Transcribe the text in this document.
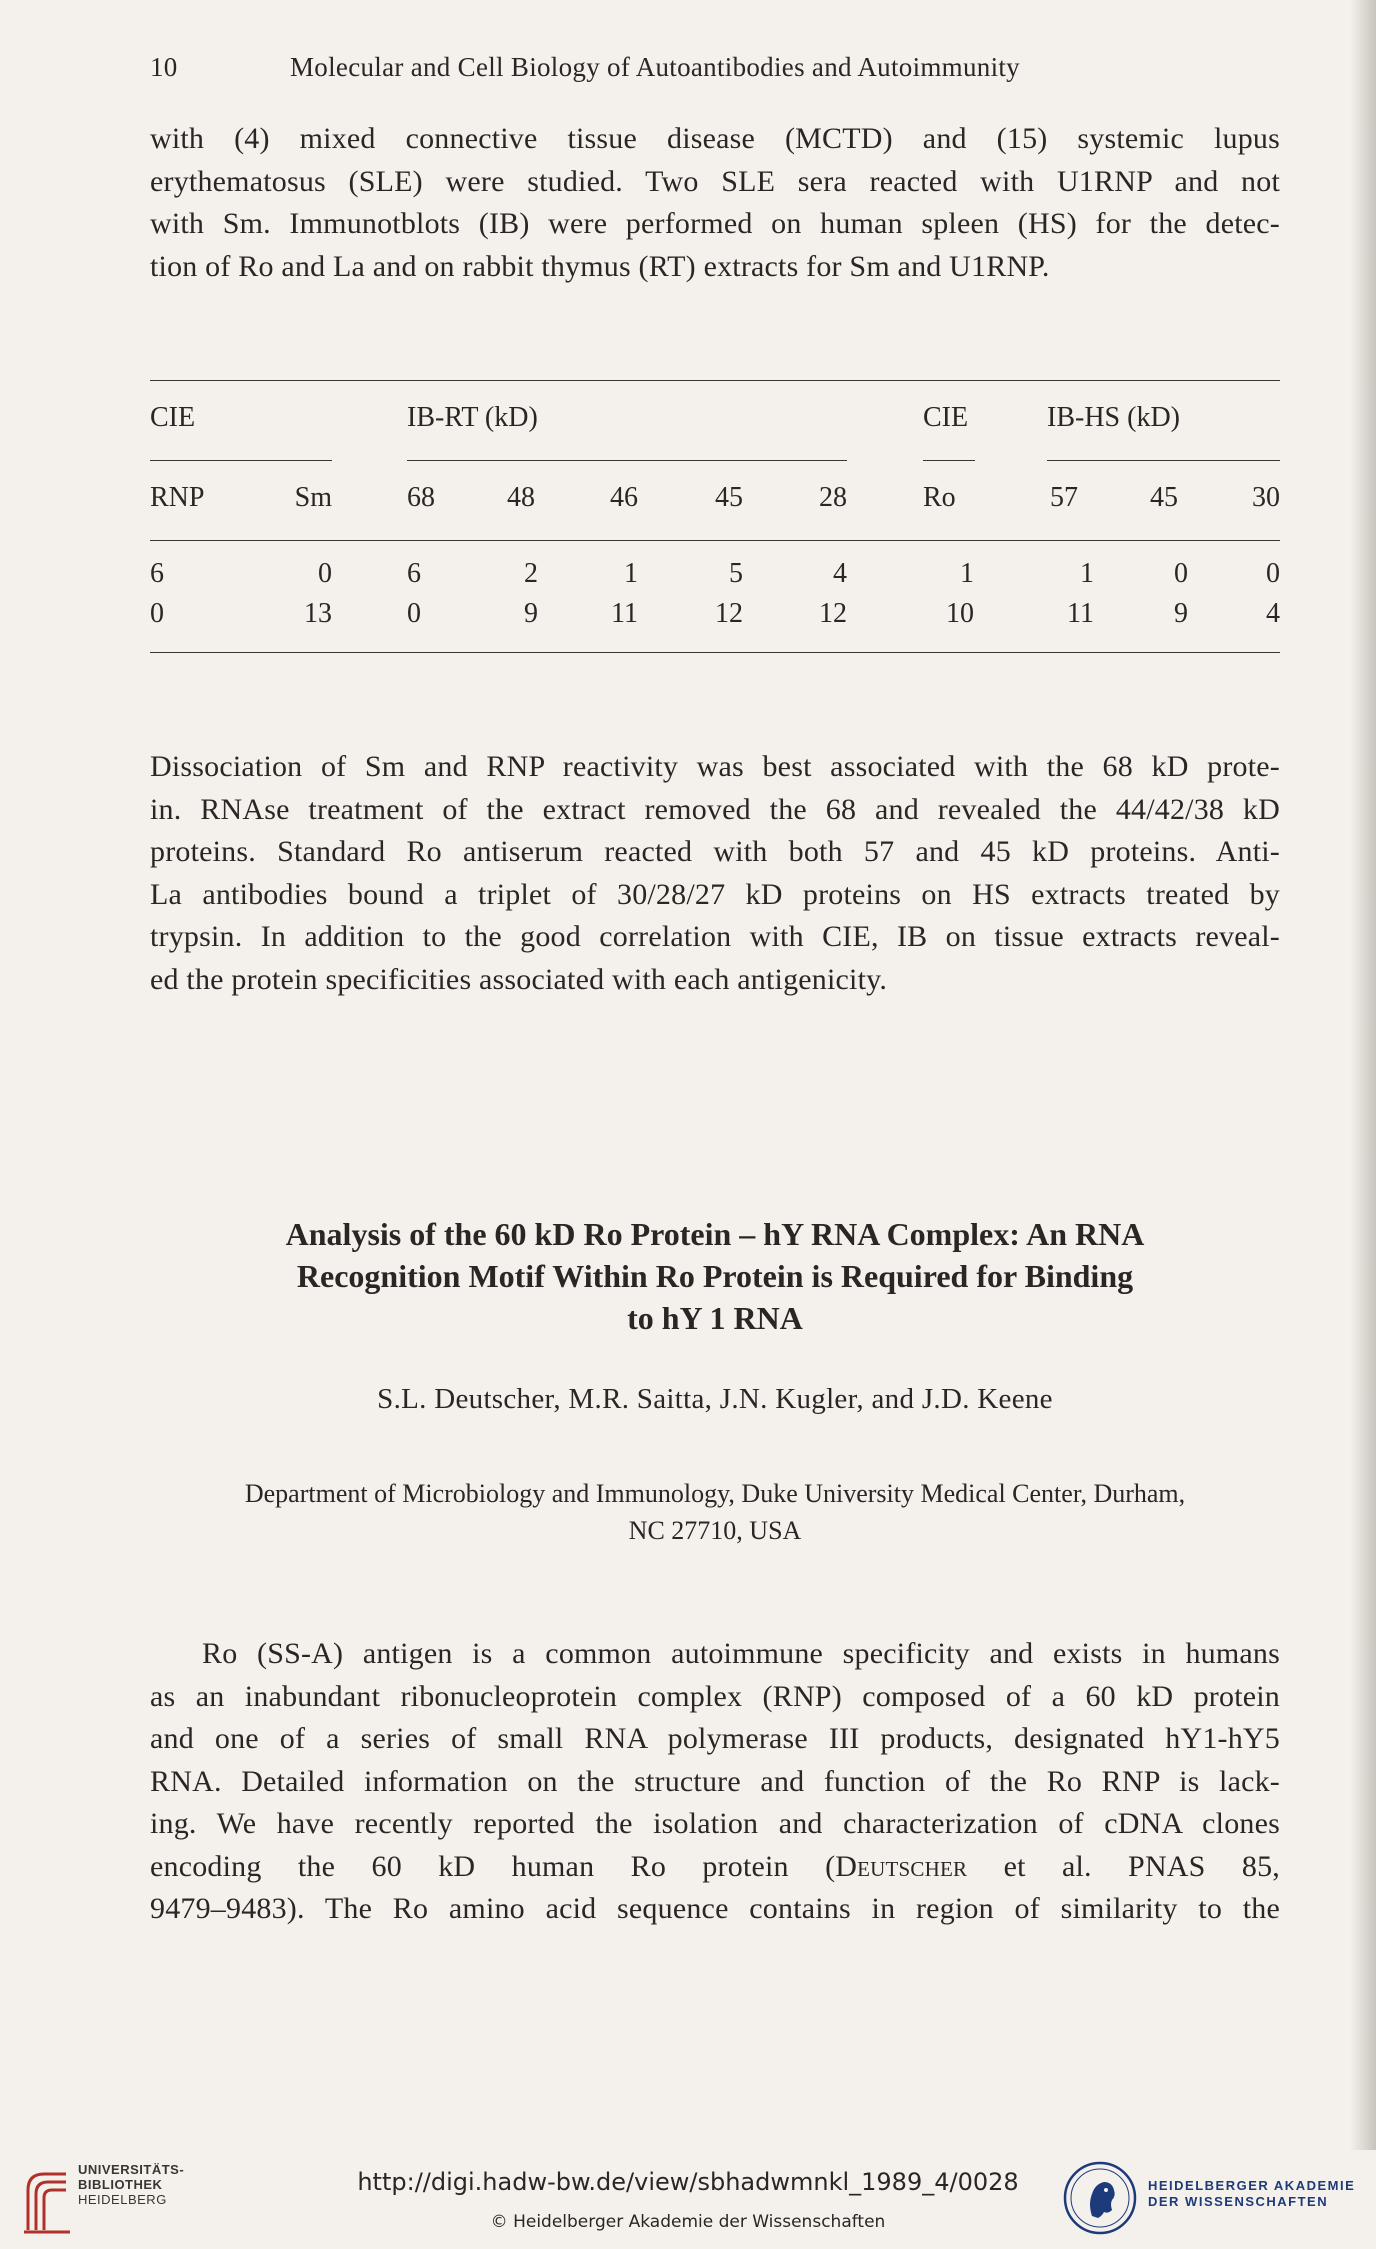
10	Molecular and Cell Biology of Autoantibodies and Autoimmunity
with (4) mixed connective tissue disease (MCTD) and (15) systemic lupus
erythematosus (SLE) were studied. Two SLE sera reacted with U1RNP and not
with Sm. Immunotblots (IB) were performed on human spleen (HS) for the detec-
tion of Ro and La and on rabbit thymus (RT) extracts for Sm and U1RNP.
CIE	IB-RT (kD)	CIE	IB-HS (kD)
RNP	Sm	68	48	46	45	28	Ro	57	45	30
6	0	6	2	1	5	4	1	1	0	0
0	13	0	9	11	12	12	10	11	9	4
Dissociation of Sm and RNP reactivity was best associated with the 68 kD prote-
in. RNAse treatment of the extract removed the 68 and revealed the 44/42/38 kD
proteins. Standard Ro antiserum reacted with both 57 and 45 kD proteins. Anti-
La antibodies bound a triplet of 30/28/27 kD proteins on HS extracts treated by
trypsin. In addition to the good correlation with CIE, IB on tissue extracts reveal-
ed the protein specificities associated with each antigenicity.
Analysis of the 60 kD Ro Protein – hY RNA Complex: An RNA
Recognition Motif Within Ro Protein is Required for Binding
to hY 1 RNA
S.L. Deutscher, M.R. Saitta, J.N. Kugler, and J.D. Keene
Department of Microbiology and Immunology, Duke University Medical Center, Durham,
NC 27710, USA
Ro (SS-A) antigen is a common autoimmune specificity and exists in humans
as an inabundant ribonucleoprotein complex (RNP) composed of a 60 kD protein
and one of a series of small RNA polymerase III products, designated hY1-hY5
RNA. Detailed information on the structure and function of the Ro RNP is lack-
ing. We have recently reported the isolation and characterization of cDNA clones
encoding the 60 kD human Ro protein (Deutscher et al. PNAS 85,
9479–9483). The Ro amino acid sequence contains in region of similarity to the
UNIVERSITÄTS-
BIBLIOTHEK
HEIDELBERG
http://digi.hadw-bw.de/view/sbhadwmnkl_1989_4/0028
© Heidelberger Akademie der Wissenschaften
HEIDELBERGER AKADEMIE
DER WISSENSCHAFTEN
